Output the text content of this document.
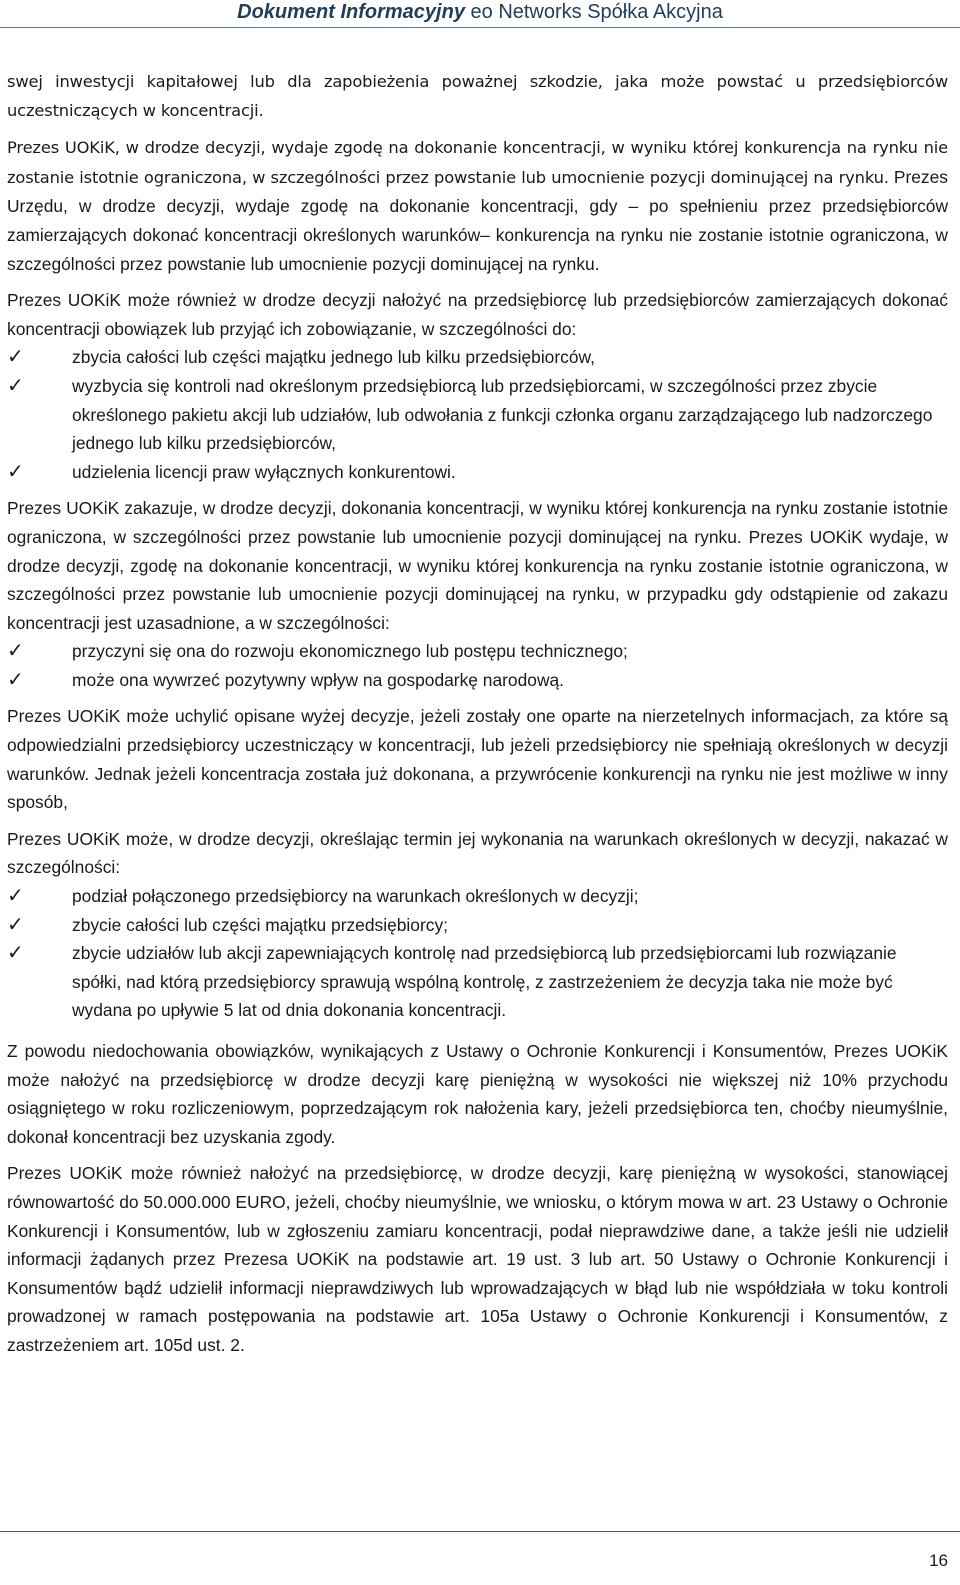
Dokument Informacyjny eo Networks Spółka Akcyjna

swej inwestycji kapitałowej lub dla zapobieżenia poważnej szkodzie, jaka może powstać u przedsiębiorców uczestniczących w koncentracji.

Prezes UOKiK, w drodze decyzji, wydaje zgodę na dokonanie koncentracji, w wyniku której konkurencja na rynku nie zostanie istotnie ograniczona, w szczególności przez powstanie lub umocnienie pozycji dominującej na rynku. Prezes Urzędu, w drodze decyzji, wydaje zgodę na dokonanie koncentracji, gdy – po spełnieniu przez przedsiębiorców zamierzających dokonać koncentracji określonych warunków– konkurencja na rynku nie zostanie istotnie ograniczona, w szczególności przez powstanie lub umocnienie pozycji dominującej na rynku.

Prezes UOKiK może również w drodze decyzji nałożyć na przedsiębiorcę lub przedsiębiorców zamierzających dokonać koncentracji obowiązek lub przyjąć ich zobowiązanie, w szczególności do:

✓	zbycia całości lub części majątku jednego lub kilku przedsiębiorców,
✓	wyzbycia się kontroli nad określonym przedsiębiorcą lub przedsiębiorcami, w szczególności przez zbycie określonego pakietu akcji lub udziałów, lub odwołania z funkcji członka organu zarządzającego lub nadzorczego jednego lub kilku przedsiębiorców,
✓	udzielenia licencji praw wyłącznych konkurentowi.

Prezes UOKiK zakazuje, w drodze decyzji, dokonania koncentracji, w wyniku której konkurencja na rynku zostanie istotnie ograniczona, w szczególności przez powstanie lub umocnienie pozycji dominującej na rynku. Prezes UOKiK wydaje, w drodze decyzji, zgodę na dokonanie koncentracji, w wyniku której konkurencja na rynku zostanie istotnie ograniczona, w szczególności przez powstanie lub umocnienie pozycji dominującej na rynku, w przypadku gdy odstąpienie od zakazu koncentracji jest uzasadnione, a w szczególności:

✓	przyczyni się ona do rozwoju ekonomicznego lub postępu technicznego;
✓	może ona wywrzeć pozytywny wpływ na gospodarkę narodową.

Prezes UOKiK może uchylić opisane wyżej decyzje, jeżeli zostały one oparte na nierzetelnych informacjach, za które są odpowiedzialni przedsiębiorcy uczestniczący w koncentracji, lub jeżeli przedsiębiorcy nie spełniają określonych w decyzji warunków. Jednak jeżeli koncentracja została już dokonana, a przywrócenie konkurencji na rynku nie jest możliwe w inny sposób,

Prezes UOKiK może, w drodze decyzji, określając termin jej wykonania na warunkach określonych w decyzji, nakazać w szczególności:

✓	podział połączonego przedsiębiorcy na warunkach określonych w decyzji;
✓	zbycie całości lub części majątku przedsiębiorcy;
✓	zbycie udziałów lub akcji zapewniających kontrolę nad przedsiębiorcą lub przedsiębiorcami lub rozwiązanie spółki, nad którą przedsiębiorcy sprawują wspólną kontrolę, z zastrzeżeniem że decyzja taka nie może być wydana po upływie 5 lat od dnia dokonania koncentracji.

Z powodu niedochowania obowiązków, wynikających z Ustawy o Ochronie Konkurencji i Konsumentów, Prezes UOKiK może nałożyć na przedsiębiorcę w drodze decyzji karę pieniężną w wysokości nie większej niż 10% przychodu osiągniętego w roku rozliczeniowym, poprzedzającym rok nałożenia kary, jeżeli przedsiębiorca ten, choćby nieumyślnie, dokonał koncentracji bez uzyskania zgody.

Prezes UOKiK może również nałożyć na przedsiębiorcę, w drodze decyzji, karę pieniężną w wysokości, stanowiącej równowartość do 50.000.000 EURO, jeżeli, choćby nieumyślnie, we wniosku, o którym mowa w art. 23 Ustawy o Ochronie Konkurencji i Konsumentów, lub w zgłoszeniu zamiaru koncentracji, podał nieprawdziwe dane, a także jeśli nie udzielił informacji żądanych przez Prezesa UOKiK na podstawie art. 19 ust. 3 lub art. 50 Ustawy o Ochronie Konkurencji i Konsumentów bądź udzielił informacji nieprawdziwych lub wprowadzających w błąd lub nie współdziała w toku kontroli prowadzonej w ramach postępowania na podstawie art. 105a Ustawy o Ochronie Konkurencji i Konsumentów, z zastrzeżeniem art. 105d ust. 2.

16
